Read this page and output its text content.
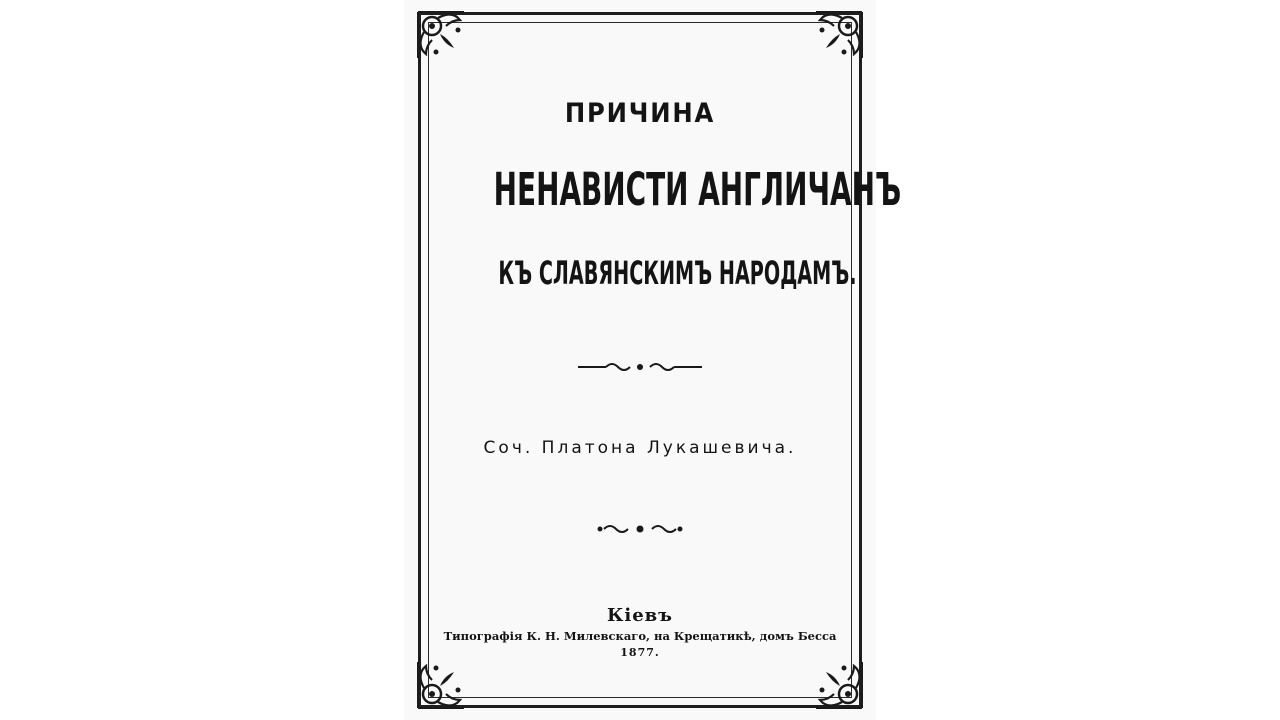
ПРИЧИНА
НЕНАВИСТИ АНГЛИЧАНЪ
КЪ СЛАВЯНСКИМЪ НАРОДАМЪ.
Соч. Платона Лукашевича.
Кiевъ
Типографiя К. Н. Милевскаго, на Крещатикѣ, домъ Бесса
1877.
